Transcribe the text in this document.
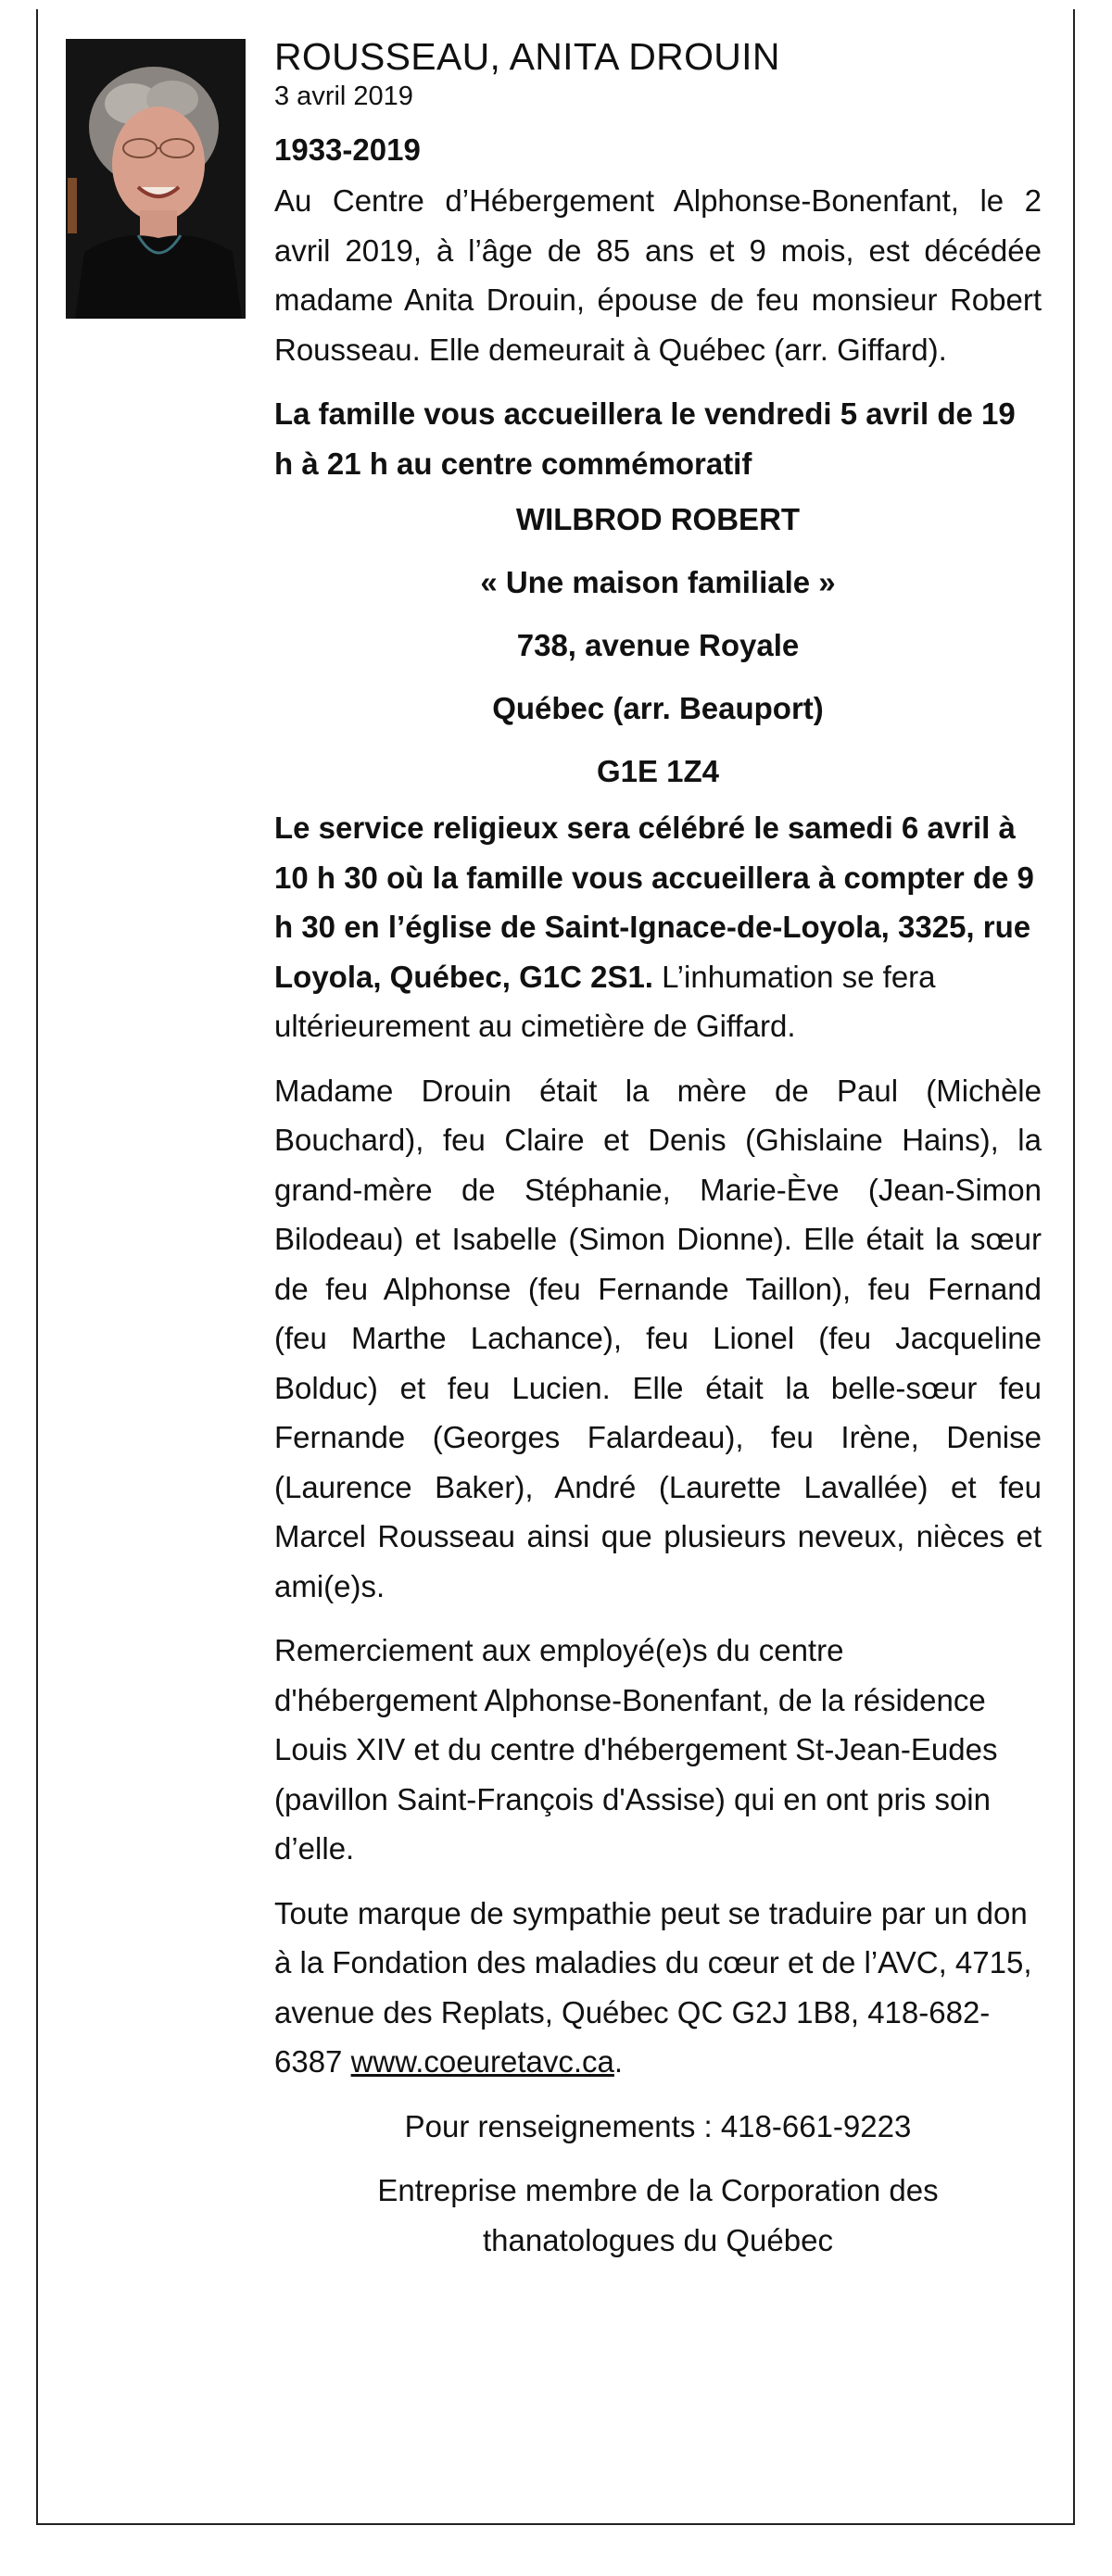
ROUSSEAU, ANITA DROUIN
3 avril 2019
1933-2019

Au Centre d’Hébergement Alphonse-Bonenfant, le 2 avril 2019, à l’âge de 85 ans et 9 mois, est décédée madame Anita Drouin, épouse de feu monsieur Robert Rousseau. Elle demeurait à Québec (arr. Giffard).

La famille vous accueillera le vendredi 5 avril de 19 h à 21 h au centre commémoratif

WILBROD ROBERT

« Une maison familiale »

738, avenue Royale

Québec (arr. Beauport)

G1E 1Z4

Le service religieux sera célébré le samedi 6 avril à 10 h 30 où la famille vous accueillera à compter de 9 h 30 en l’église de Saint-Ignace-de-Loyola, 3325, rue Loyola, Québec, G1C 2S1. L’inhumation se fera ultérieurement au cimetière de Giffard.

Madame Drouin était la mère de Paul (Michèle Bouchard), feu Claire et Denis (Ghislaine Hains), la grand-mère de Stéphanie, Marie-Ève (Jean-Simon Bilodeau) et Isabelle (Simon Dionne). Elle était la sœur de feu Alphonse (feu Fernande Taillon), feu Fernand (feu Marthe Lachance), feu Lionel (feu Jacqueline Bolduc) et feu Lucien. Elle était la belle-sœur feu Fernande (Georges Falardeau), feu Irène, Denise (Laurence Baker), André (Laurette Lavallée) et feu Marcel Rousseau ainsi que plusieurs neveux, nièces et ami(e)s.

Remerciement aux employé(e)s du centre d'hébergement Alphonse-Bonenfant, de la résidence Louis XIV et du centre d'hébergement St-Jean-Eudes (pavillon Saint-François d'Assise) qui en ont pris soin d’elle.

Toute marque de sympathie peut se traduire par un don à la Fondation des maladies du cœur et de l’AVC, 4715, avenue des Replats, Québec QC G2J 1B8, 418-682-6387 www.coeuretavc.ca.

Pour renseignements : 418-661-9223

Entreprise membre de la Corporation des thanatologues du Québec
